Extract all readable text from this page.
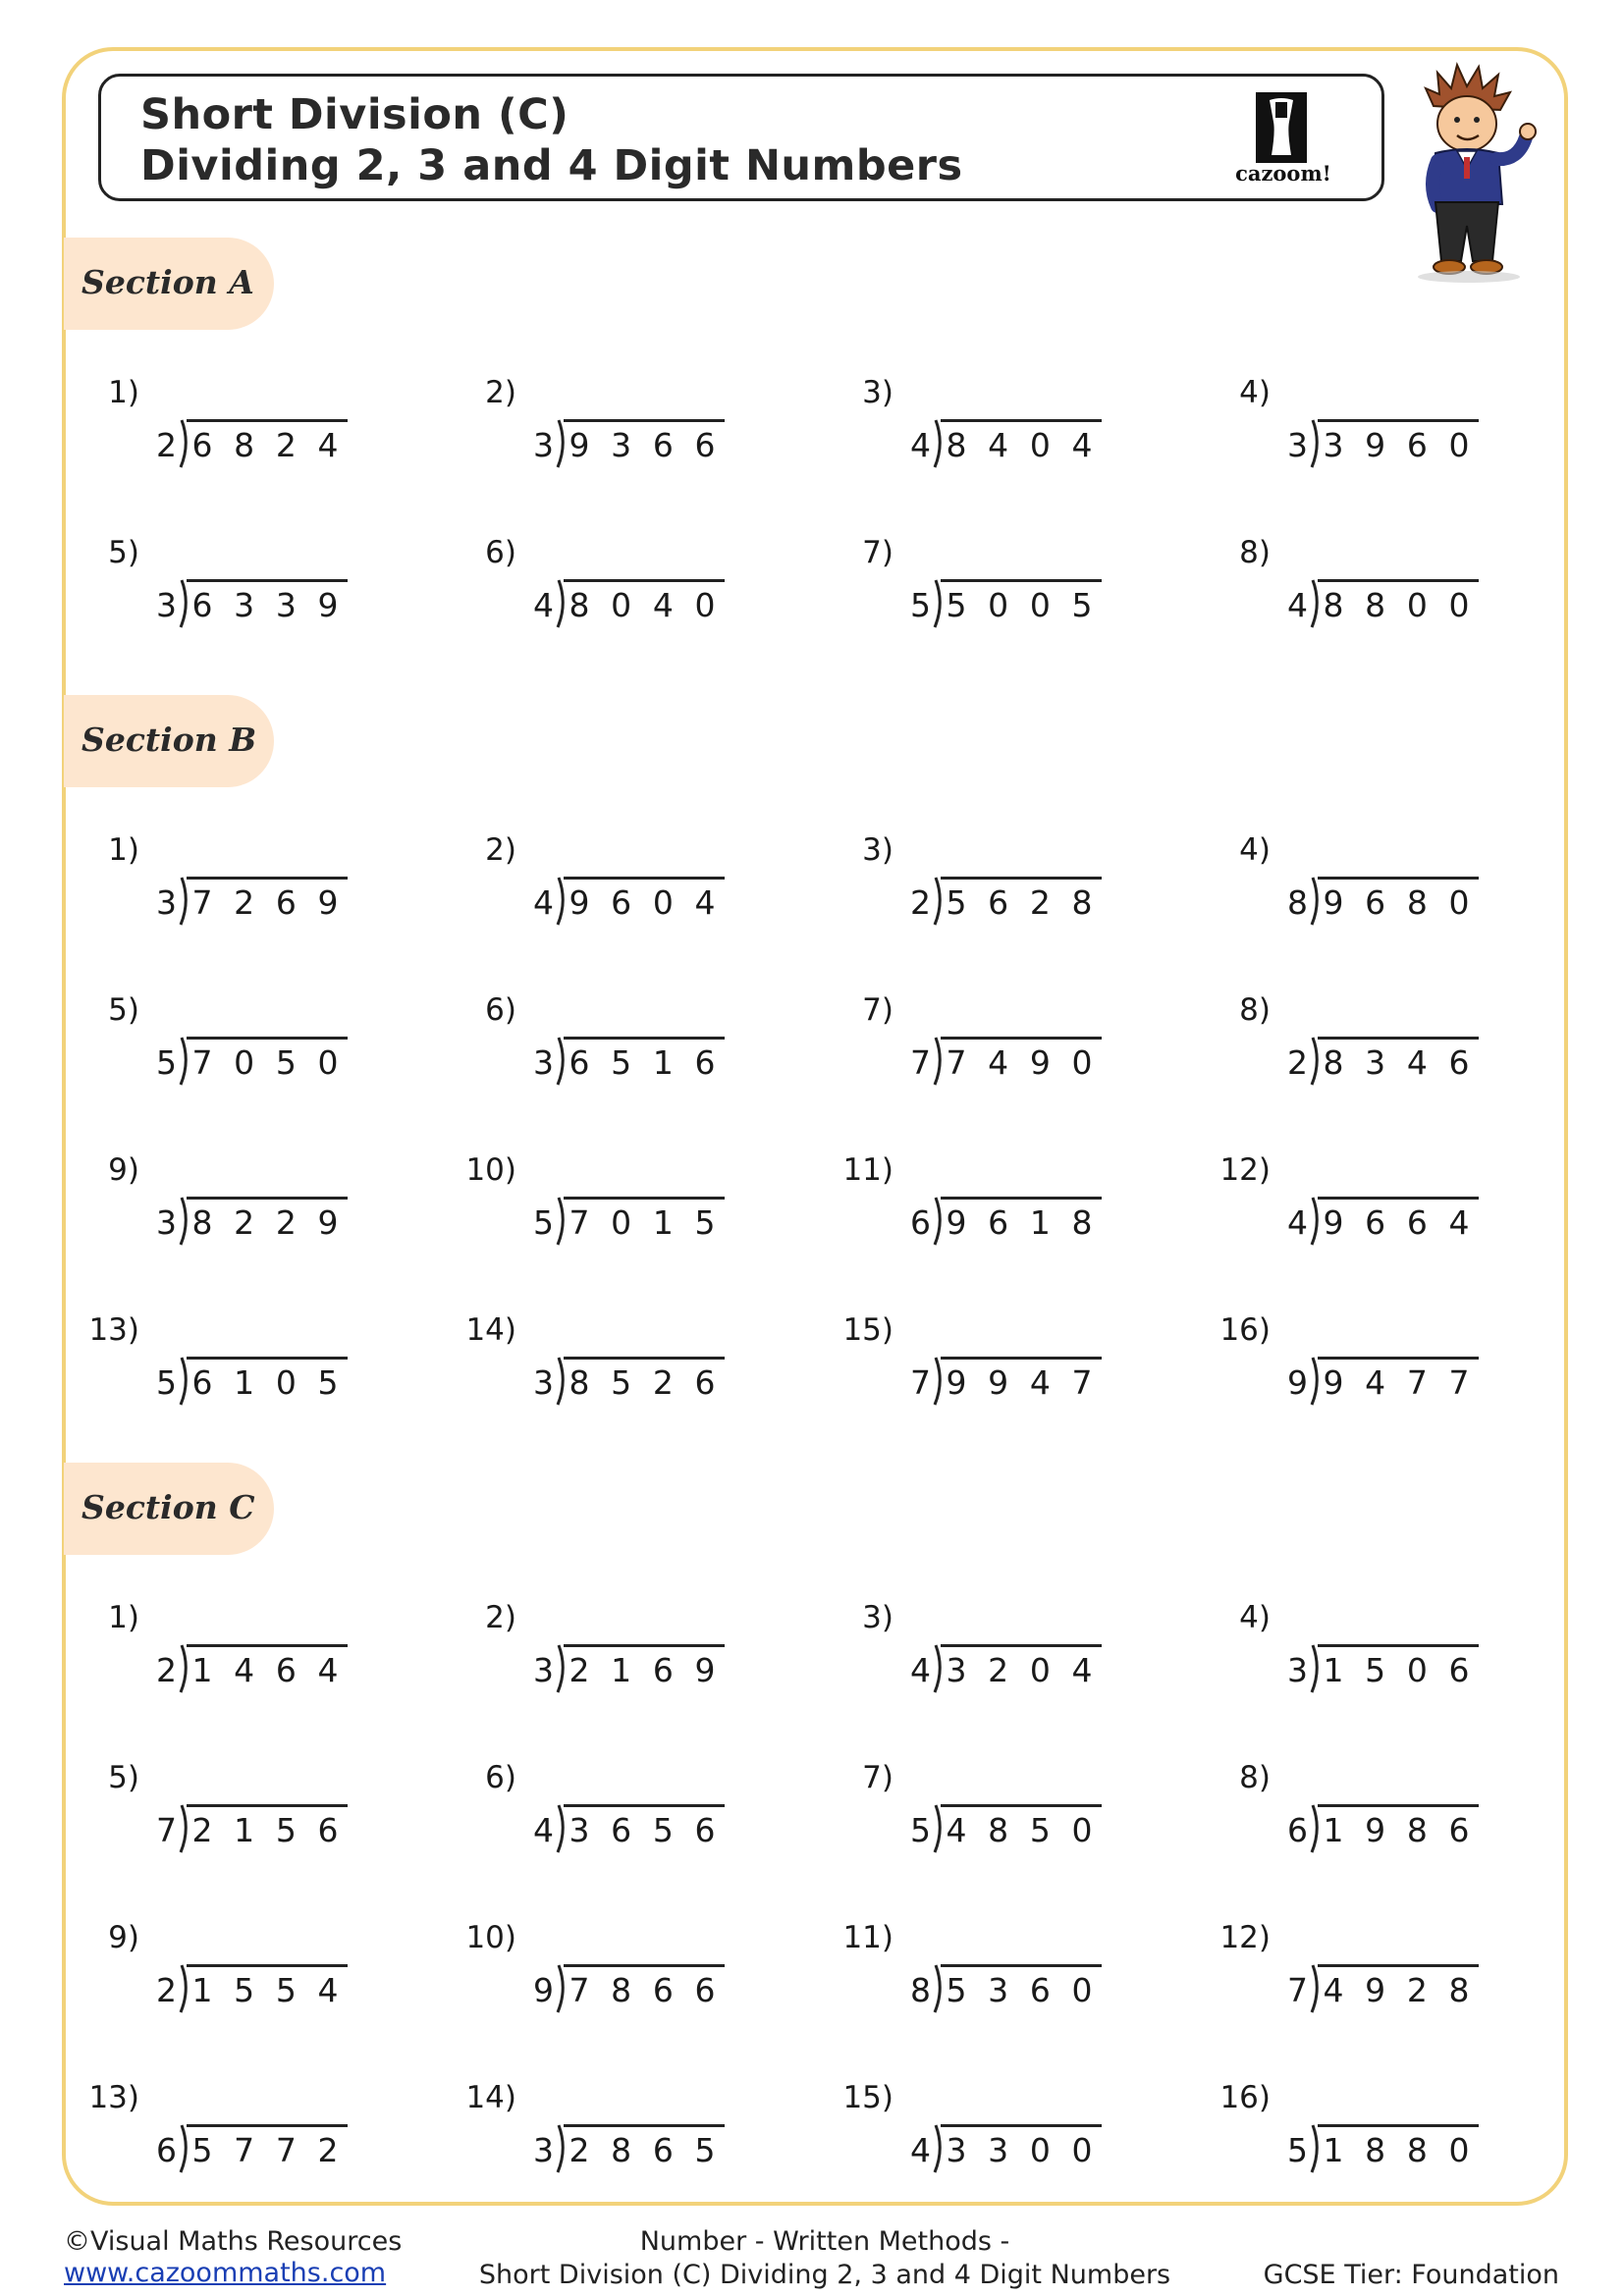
Short Division (C)
Dividing 2, 3 and 4 Digit Numbers	cazoom!
Section A
1)
2 6 8 2 4
2)
3 9 3 6 6
3)
4 8 4 0 4
4)
3 3 9 6 0
5)
3 6 3 3 9
6)
4 8 0 4 0
7)
5 5 0 0 5
8)
4 8 8 0 0
Section B
1)
3 7 2 6 9
2)
4 9 6 0 4
3)
2 5 6 2 8
4)
8 9 6 8 0
5)
5 7 0 5 0
6)
3 6 5 1 6
7)
7 7 4 9 0
8)
2 8 3 4 6
9)
3 8 2 2 9
10)
5 7 0 1 5
11)
6 9 6 1 8
12)
4 9 6 6 4
13)
5 6 1 0 5
14)
3 8 5 2 6
15)
7 9 9 4 7
16)
9 9 4 7 7
Section C
1)
2 1 4 6 4
2)
3 2 1 6 9
3)
4 3 2 0 4
4)
3 1 5 0 6
5)
7 2 1 5 6
6)
4 3 6 5 6
7)
5 4 8 5 0
8)
6 1 9 8 6
9)
2 1 5 5 4
10)
9 7 8 6 6
11)
8 5 3 6 0
12)
7 4 9 2 8
13)
6 5 7 7 2
14)
3 2 8 6 5
15)
4 3 3 0 0
16)
5 1 8 8 0
©Visual Maths Resources
www.cazoommaths.com
Number - Written Methods -
Short Division (C) Dividing 2, 3 and 4 Digit Numbers	GCSE Tier: Foundation
